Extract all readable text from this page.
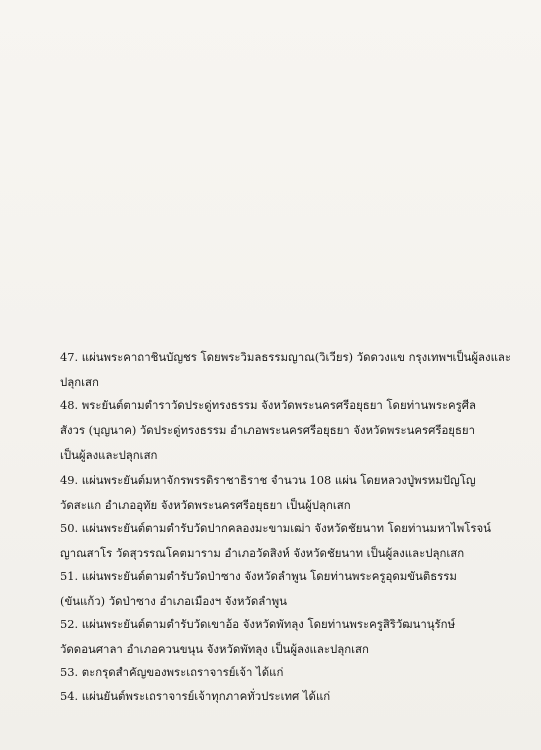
47. แผ่นพระคาถาชินบัญชร โดยพระวิมลธรรมญาณ(วิเวียร) วัดดวงแข กรุงเทพฯเป็นผู้ลงและ
ปลุกเสก
48. พระยันต์ตามตำราวัดประดู่ทรงธรรม จังหวัดพระนครศรีอยุธยา โดยท่านพระครูศีล
สังวร (บุญนาค) วัดประดู่ทรงธรรม อำเภอพระนครศรีอยุธยา จังหวัดพระนครศรีอยุธยา
เป็นผู้ลงและปลุกเสก
49. แผ่นพระยันต์มหาจักรพรรดิราชาธิราช จำนวน 108 แผ่น โดยหลวงปู่พรหมปัญโญ
วัดสะแก อำเภออุทัย จังหวัดพระนครศรีอยุธยา เป็นผู้ปลุกเสก
50. แผ่นพระยันต์ตามตำรับวัดปากคลองมะขามเฒ่า จังหวัดชัยนาท โดยท่านมหาไพโรจน์
ญาณสาโร วัดสุวรรณโคตมาราม อำเภอวัดสิงห์ จังหวัดชัยนาท เป็นผู้ลงและปลุกเสก
51. แผ่นพระยันต์ตามตำรับวัดป่าซาง จังหวัดลำพูน โดยท่านพระครูอุดมขันติธรรม
(ขันแก้ว) วัดป่าซาง อำเภอเมืองฯ จังหวัดลำพูน
52. แผ่นพระยันต์ตามตำรับวัดเขาอ้อ จังหวัดพัทลุง โดยท่านพระครูสิริวัฒนานุรักษ์
วัดดอนศาลา อำเภอควนขนุน จังหวัดพัทลุง เป็นผู้ลงและปลุกเสก
53. ตะกรุดสำคัญของพระเถราจารย์เจ้า ได้แก่
54. แผ่นยันต์พระเถราจารย์เจ้าทุกภาคทั่วประเทศ ได้แก่
